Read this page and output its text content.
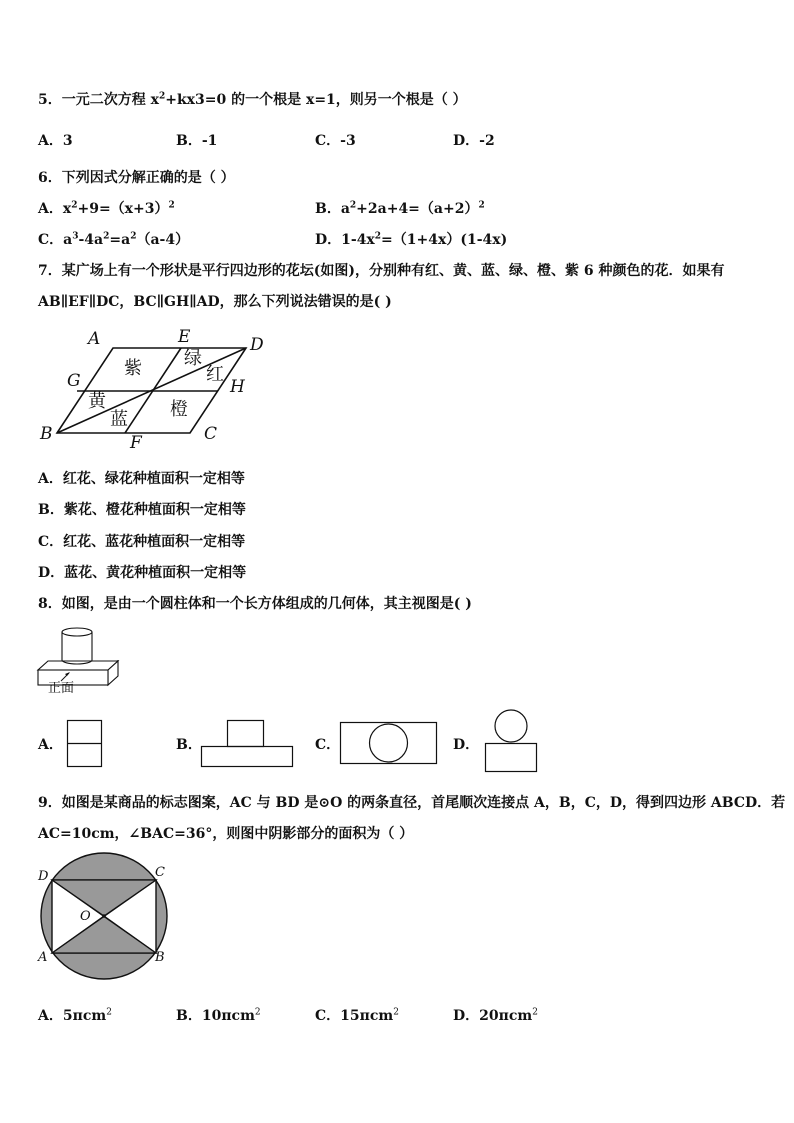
5．一元二次方程 $x^2+kx3=0$ 的一个根是 x=1，则另一个根是（ ）
A．3	B．-1	C．-3	D．-2
6．下列因式分解正确的是（ ）
A．$x^2+9=(x+3)^2$	B．$a^2+2a+4=(a+2)^2$
C．$a^3-4a^2=a^2(a-4)$	D．$1-4x^2=(1+4x)(1-4x)$
7．某广场上有一个形状是平行四边形的花坛(如图)，分别种有红、黄、蓝、绿、橙、紫 6 种颜色的花．如果有
AB∥EF∥DC，BC∥GH∥AD，那么下列说法错误的是( )
A	E	D
G	H
B	F	C
紫 绿
红
黄
蓝 橙
A．红花、绿花种植面积一定相等
B．紫花、橙花种植面积一定相等
C．红花、蓝花种植面积一定相等
D．蓝花、黄花种植面积一定相等
8．如图，是由一个圆柱体和一个长方体组成的几何体，其主视图是( )
正面
A．	B．	C．	D．
9．如图是某商品的标志图案，AC 与 BD 是⊙O 的两条直径，首尾顺次连接点 A，B，C，D，得到四边形 ABCD．若
AC=10cm，∠BAC=36°，则图中阴影部分的面积为（ ）
D	C
O
A	B
A．5πcm$^2$	B．10πcm$^2$	C．15πcm$^2$	D．20πcm$^2$
